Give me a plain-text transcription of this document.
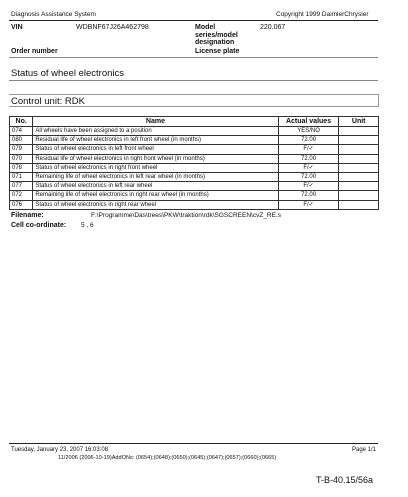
Diagnosis Assistance System	Copyright 1999 DaimlerChrysler
VIN	WDBNF67J26A462798	Model series/model designation
220.067
Order number	License plate
Status of wheel electronics
Control unit: RDK
No.	Name	Actual values	Unit
074	All wheels have been assigned to a position	YES/NO	
080	Residual life of wheel electronics in left front wheel (in months)	72.00	
079	Status of wheel electronics in left front wheel	F/✓	
070	Residual life of wheel electronics in right front wheel (in months)	72.00	
078	Status of wheel electronics in right front wheel	F/✓	
071	Remaining life of wheel electronics in left rear wheel (in months)	72.00	
077	Status of wheel electronics in left rear wheel	F/✓	
072	Remaining life of wheel electronics in right rear wheel (in months)	72.00	
076	Status of wheel electronics in right rear wheel	F/✓	
Filename:	F:\Programme\Das\trees\PKW\traktion\rdk\SGSCREEN\cvZ_RE.s
Cell co-ordinate: 5 , 6
Tuesday, January 23, 2007 16:03:08	Page 1/1
11/2006 (2006-10-19)AddONs: (0654);(0648);(0650);(0645);(0647);(0657);(0660);(0665)
T-B-40.15/56a
